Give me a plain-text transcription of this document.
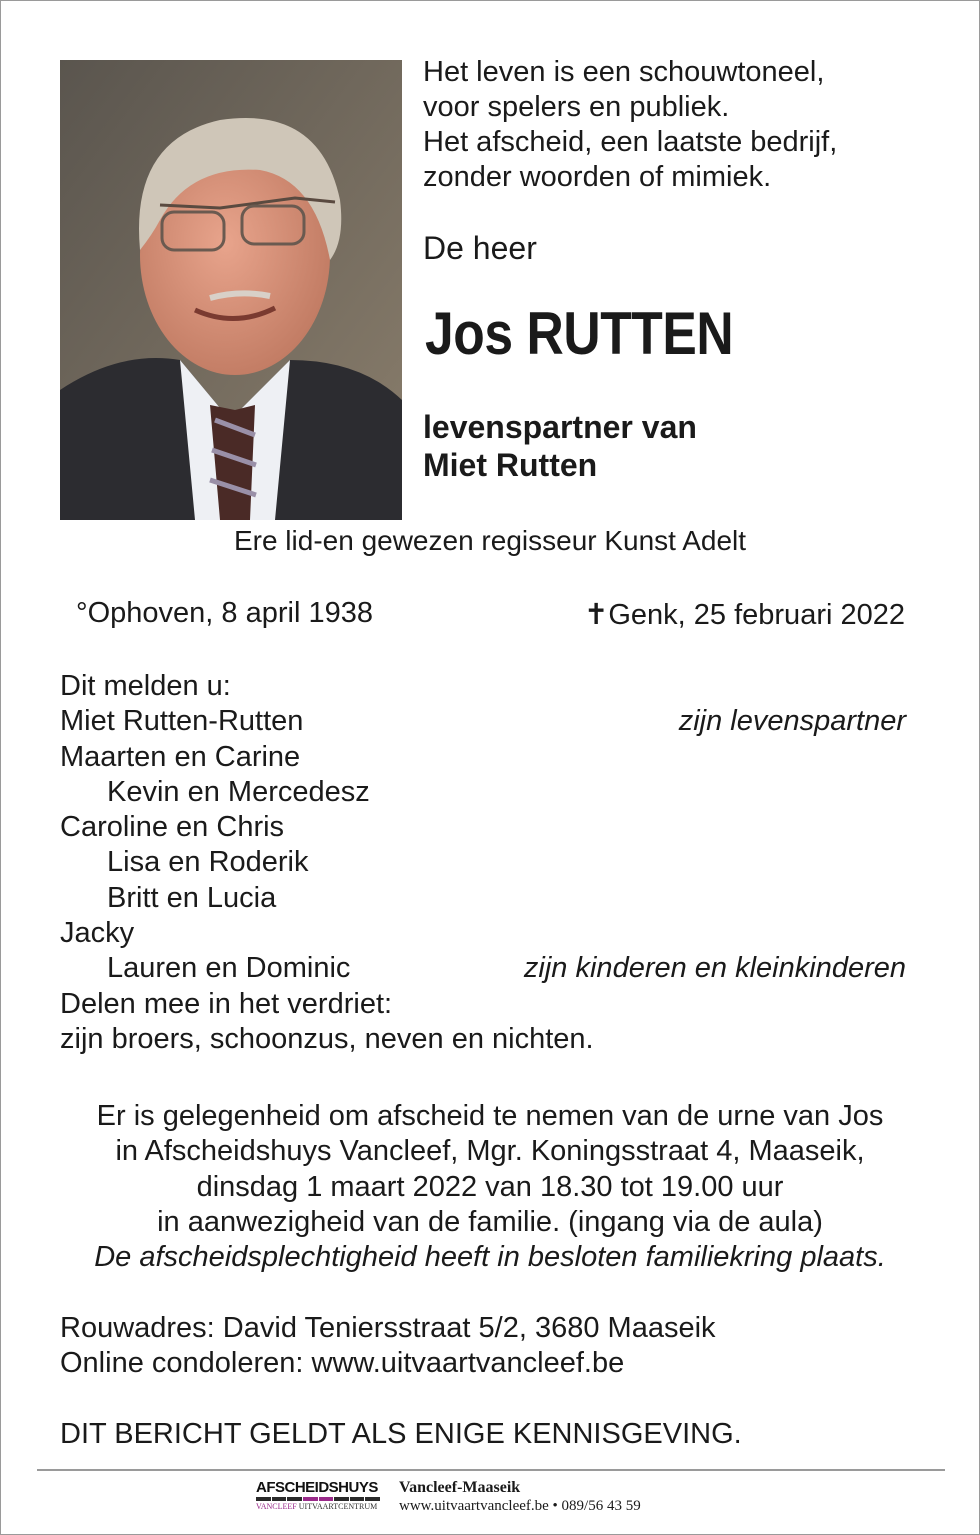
Het leven is een schouwtoneel,
voor spelers en publiek.
Het afscheid, een laatste bedrijf,
zonder woorden of mimiek.
De heer
Jos RUTTEN
levenspartner van
Miet Rutten
Ere lid-en gewezen regisseur Kunst Adelt
°Ophoven, 8 april 1938	✝Genk, 25 februari 2022
Dit melden u:
Miet Rutten-Rutten	zijn levenspartner
Maarten en Carine
Kevin en Mercedesz
Caroline en Chris
Lisa en Roderik
Britt en Lucia
Jacky
Lauren en Dominic	zijn kinderen en kleinkinderen
Delen mee in het verdriet:
zijn broers, schoonzus, neven en nichten.
Er is gelegenheid om afscheid te nemen van de urne van Jos
in Afscheidshuys Vancleef, Mgr. Koningsstraat 4, Maaseik,
dinsdag 1 maart 2022 van 18.30 tot 19.00 uur
in aanwezigheid van de familie. (ingang via de aula)
De afscheidsplechtigheid heeft in besloten familiekring plaats.
Rouwadres: David Teniersstraat 5/2, 3680 Maaseik
Online condoleren: www.uitvaartvancleef.be
DIT BERICHT GELDT ALS ENIGE KENNISGEVING.
AFSCHEIDSHUYS
VANCLEEF UITVAARTCENTRUM
Vancleef-Maaseik
www.uitvaartvancleef.be • 089/56 43 59
